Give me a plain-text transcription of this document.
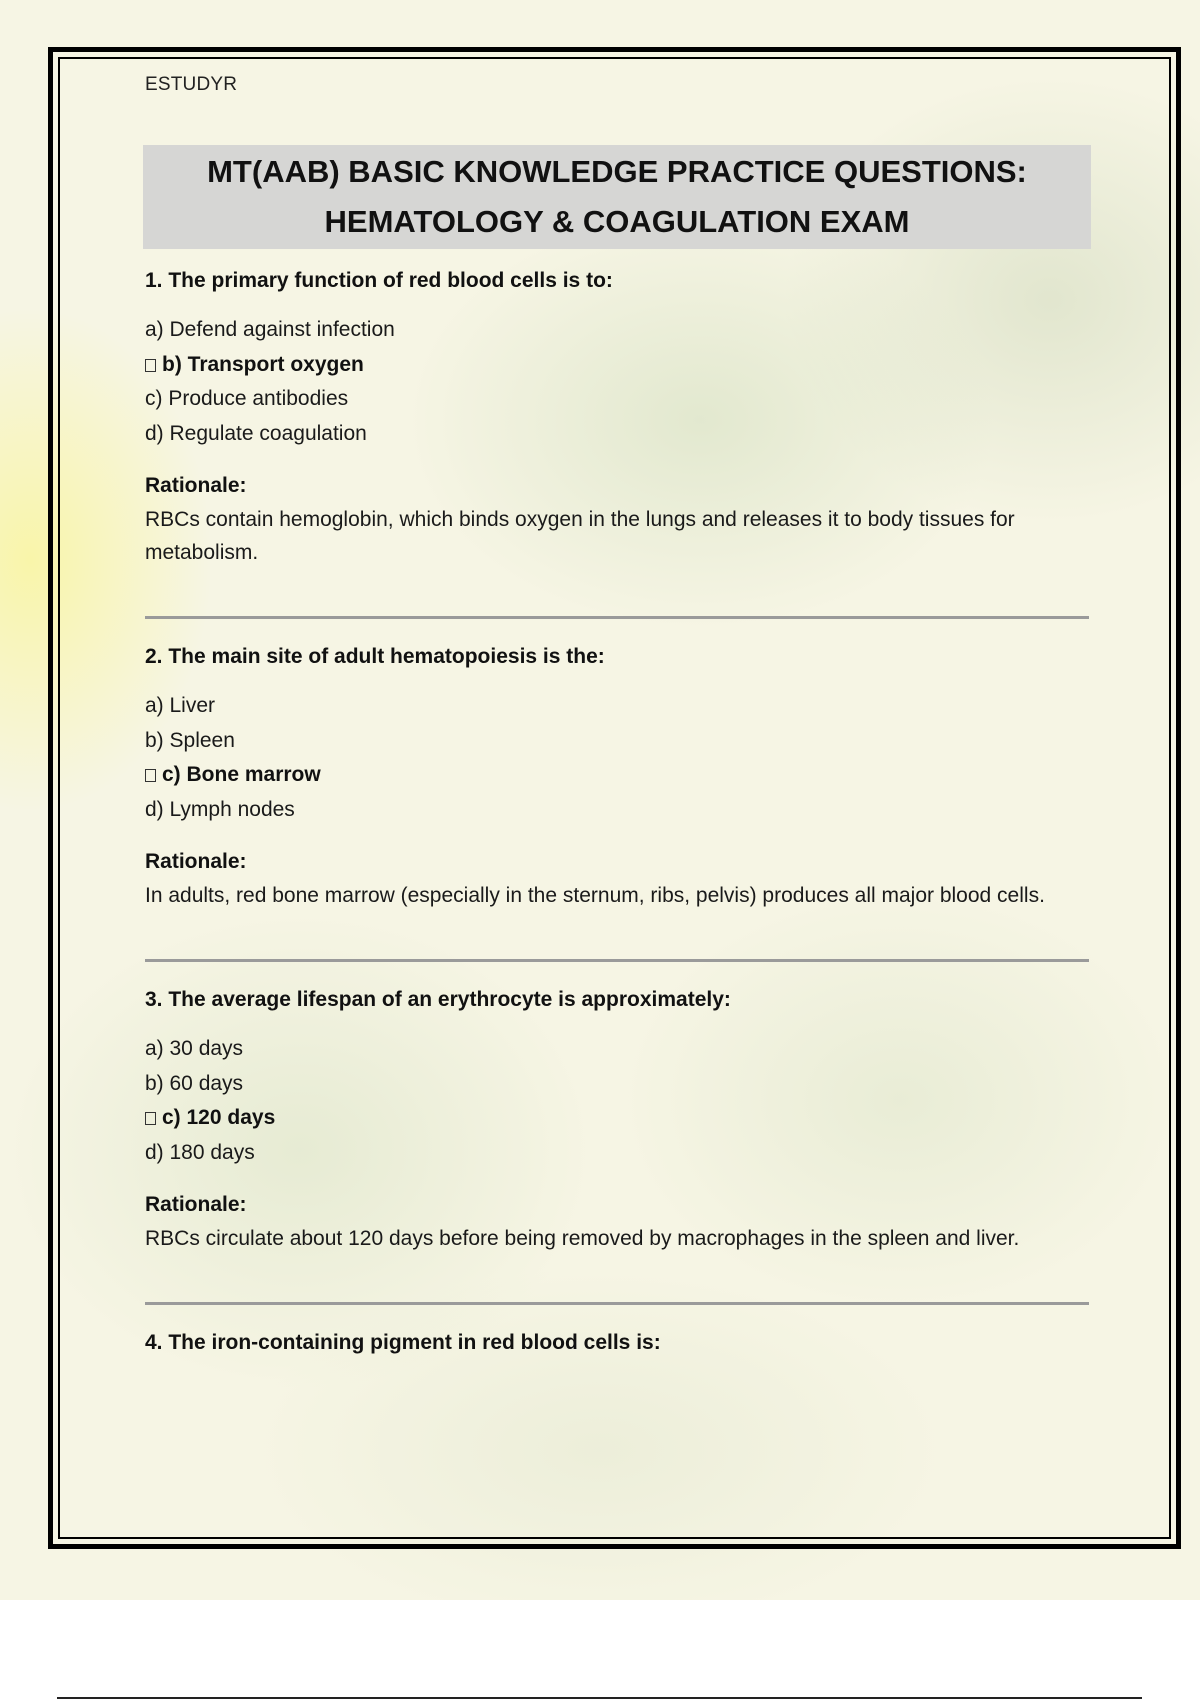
ESTUDYR
MT(AAB) BASIC KNOWLEDGE PRACTICE QUESTIONS:
HEMATOLOGY & COAGULATION EXAM

1. The primary function of red blood cells is to:

a) Defend against infection
b) Transport oxygen
c) Produce antibodies
d) Regulate coagulation
Rationale:
RBCs contain hemoglobin, which binds oxygen in the lungs and releases it to body tissues for metabolism.

2. The main site of adult hematopoiesis is the:

a) Liver
b) Spleen
c) Bone marrow
d) Lymph nodes
Rationale:
In adults, red bone marrow (especially in the sternum, ribs, pelvis) produces all major blood cells.

3. The average lifespan of an erythrocyte is approximately:

a) 30 days
b) 60 days
c) 120 days
d) 180 days
Rationale:
RBCs circulate about 120 days before being removed by macrophages in the spleen and liver.

4. The iron-containing pigment in red blood cells is:
